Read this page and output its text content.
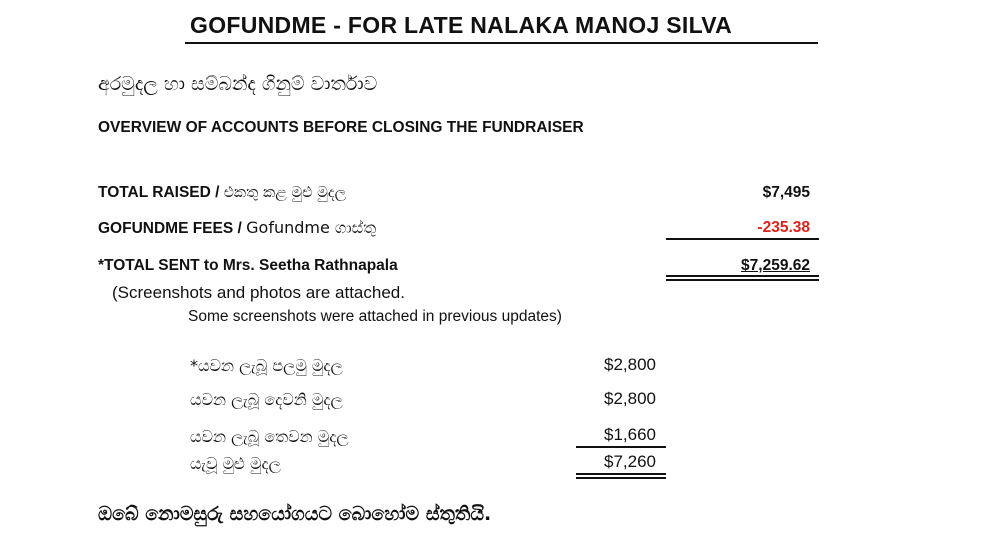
GOFUNDME - FOR LATE NALAKA MANOJ SILVA
අරමුදල හා සම්බන්ද ගිනුම් වාර්තාව
OVERVIEW OF ACCOUNTS BEFORE CLOSING THE FUNDRAISER
TOTAL RAISED / එකතු කළ මුළු මුදල	$7,495
GOFUNDME FEES / Gofundme ගාස්තු	-235.38
*TOTAL SENT to Mrs. Seetha Rathnapala	$7,259.62
(Screenshots and photos are attached.
Some screenshots were attached in previous updates)
*යවන ලැබූ පලමු මුදල	$2,800
යවන ලැබූ දෙවනි මුදල	$2,800
යවන ලැබූ තෙවන මුදල	$1,660
යැවූ මුළු මුදල	$7,260
ඔබේ නොමසුරු සහයෝගයට බොහෝම ස්තුතියි.
